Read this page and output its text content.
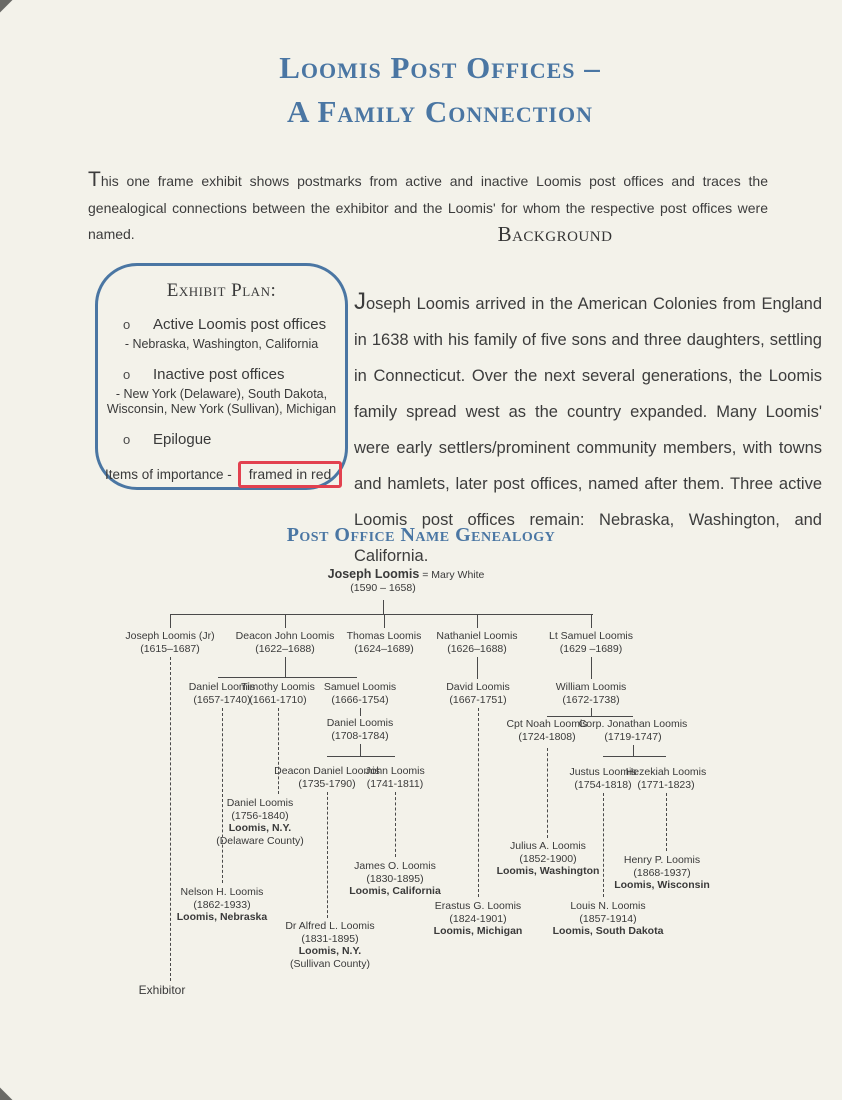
Loomis Post Offices –
A Family Connection

This one frame exhibit shows postmarks from active and inactive Loomis post offices and traces the genealogical connections between the exhibitor and the Loomis' for whom the respective post offices were named.	Background

Joseph Loomis arrived in the American Colonies from England in 1638 with his family of five sons and three daughters, settling in Connecticut. Over the next several generations, the Loomis family spread west as the country expanded. Many Loomis' were early settlers/prominent community members, with towns and hamlets, later post offices, named after them. Three active Loomis post offices remain: Nebraska, Washington, and California.

Exhibit Plan:
o Active Loomis post offices
- Nebraska, Washington, California
o Inactive post offices
- New York (Delaware), South Dakota, Wisconsin, New York (Sullivan), Michigan
o Epilogue
Items of importance - framed in red
Post Office Name Genealogy
Joseph Loomis = Mary White
(1590 – 1658)
Joseph Loomis (Jr)
(1615–1687)
Deacon John Loomis
(1622–1688)
Thomas Loomis
(1624–1689)
Nathaniel Loomis
(1626–1688)
Lt Samuel Loomis
(1629 –1689)
Daniel Loomis
(1657-1740)
Timothy Loomis
(1661-1710)
Samuel Loomis
(1666-1754)
David Loomis
(1667-1751)
William Loomis
(1672-1738)
Daniel Loomis
(1708-1784)
Cpt Noah Loomis
(1724-1808)
Corp. Jonathan Loomis
(1719-1747)
Deacon Daniel Loomis
(1735-1790)
John Loomis
(1741-1811)
Justus Loomis
(1754-1818)
Hezekiah Loomis
(1771-1823)
Daniel Loomis
(1756-1840)
Loomis, N.Y.
(Delaware County)	Julius A. Loomis
(1852-1900)
Loomis, Washington
Henry P. Loomis
(1868-1937)
Loomis, Wisconsin
James O. Loomis
(1830-1895)
Loomis, California
Nelson H. Loomis
(1862-1933)
Loomis, Nebraska
Erastus G. Loomis
(1824-1901)
Loomis, Michigan
Louis N. Loomis
(1857-1914)
Loomis, South Dakota
Dr Alfred L. Loomis
(1831-1895)
Loomis, N.Y.
(Sullivan County)
Exhibitor
